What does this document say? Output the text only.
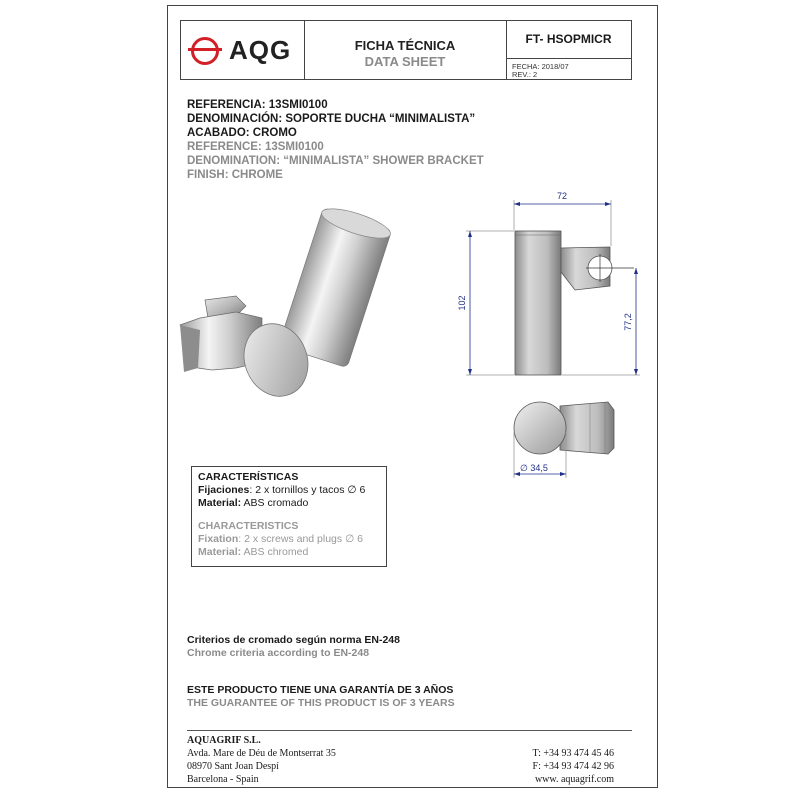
AQG	FICHA TÉCNICA
DATA SHEET
FT- HSOPMICR
FECHA: 2018/07
REV.: 2
REFERENCIA: 13SMI0100
DENOMINACIÓN: SOPORTE DUCHA “MINIMALISTA”
ACABADO: CROMO
REFERENCE: 13SMI0100
DENOMINATION: “MINIMALISTA” SHOWER BRACKET
FINISH: CHROME
72
102
77,2
∅ 34,5
CARACTERÍSTICAS
Fijaciones: 2 x tornillos y tacos ∅ 6
Material: ABS cromado
CHARACTERISTICS
Fixation: 2 x screws and plugs ∅ 6
Material: ABS chromed
Criterios de cromado según norma EN-248
Chrome criteria according to EN-248
ESTE PRODUCTO TIENE UNA GARANTÍA DE 3 AÑOS
THE GUARANTEE OF THIS PRODUCT IS OF 3 YEARS
AQUAGRIF S.L.
Avda. Mare de Déu de Montserrat 35
08970 Sant Joan Despí
Barcelona - Spain
T: +34 93 474 45 46
F: +34 93 474 42 96
www. aquagrif.com
